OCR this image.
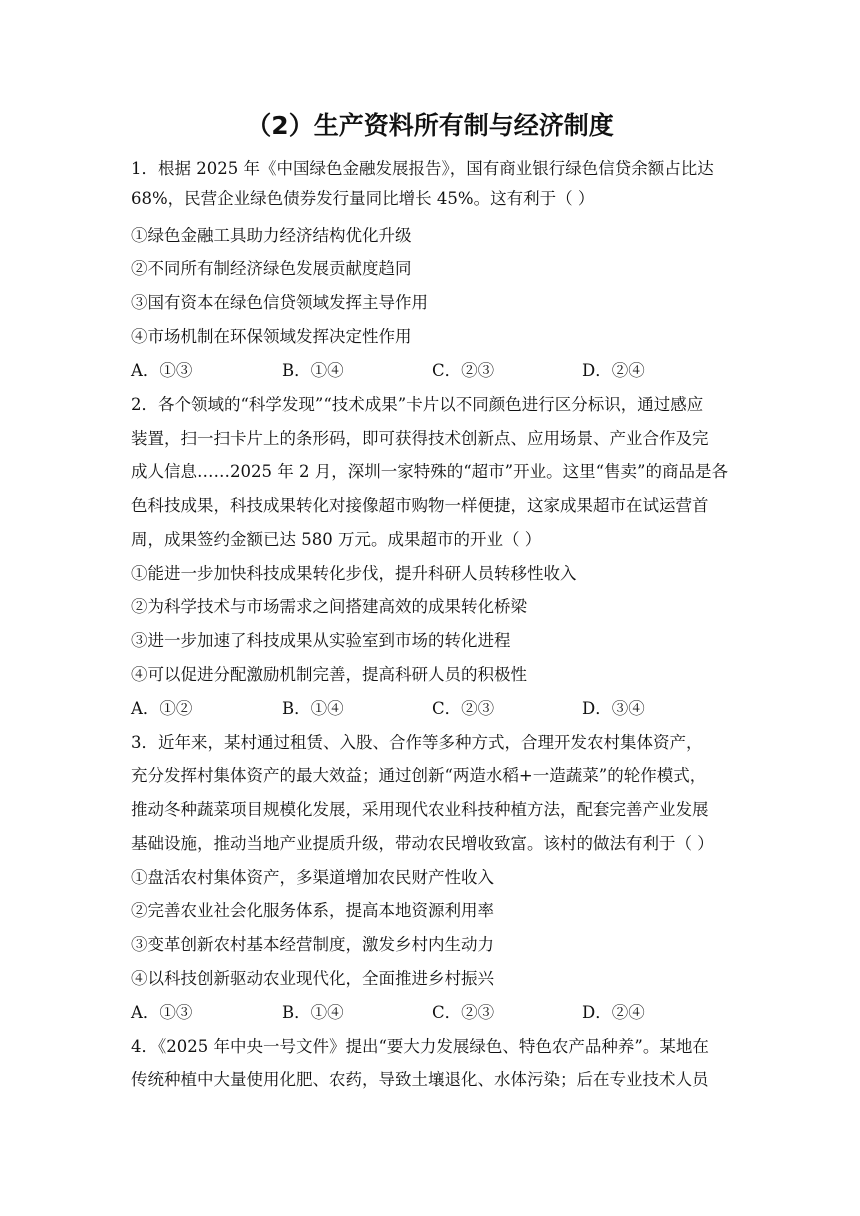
（2）生产资料所有制与经济制度
1．根据 2025 年《中国绿色金融发展报告》，国有商业银行绿色信贷余额占比达
68%，民营企业绿色债券发行量同比增长 45%。这有利于（ ）
①绿色金融工具助力经济结构优化升级
②不同所有制经济绿色发展贡献度趋同
③国有资本在绿色信贷领域发挥主导作用
④市场机制在环保领域发挥决定性作用
A．①③	B．①④	C．②③	D．②④
2．各个领域的“科学发现”“技术成果”卡片以不同颜色进行区分标识，通过感应
装置，扫一扫卡片上的条形码，即可获得技术创新点、应用场景、产业合作及完
成人信息……2025 年 2 月，深圳一家特殊的“超市”开业。这里“售卖”的商品是各
色科技成果，科技成果转化对接像超市购物一样便捷，这家成果超市在试运营首
周，成果签约金额已达 580 万元。成果超市的开业（ ）
①能进一步加快科技成果转化步伐，提升科研人员转移性收入
②为科学技术与市场需求之间搭建高效的成果转化桥梁
③进一步加速了科技成果从实验室到市场的转化进程
④可以促进分配激励机制完善，提高科研人员的积极性
A．①②	B．①④	C．②③	D．③④
3．近年来，某村通过租赁、入股、合作等多种方式，合理开发农村集体资产，
充分发挥村集体资产的最大效益；通过创新“两造水稻+一造蔬菜”的轮作模式，
推动冬种蔬菜项目规模化发展，采用现代农业科技种植方法，配套完善产业发展
基础设施，推动当地产业提质升级，带动农民增收致富。该村的做法有利于（ ）
①盘活农村集体资产，多渠道增加农民财产性收入
②完善农业社会化服务体系，提高本地资源利用率
③变革创新农村基本经营制度，激发乡村内生动力
④以科技创新驱动农业现代化，全面推进乡村振兴
A．①③	B．①④	C．②③	D．②④
4．《2025 年中央一号文件》提出“要大力发展绿色、特色农产品种养”。某地在
传统种植中大量使用化肥、农药，导致土壤退化、水体污染；后在专业技术人员
